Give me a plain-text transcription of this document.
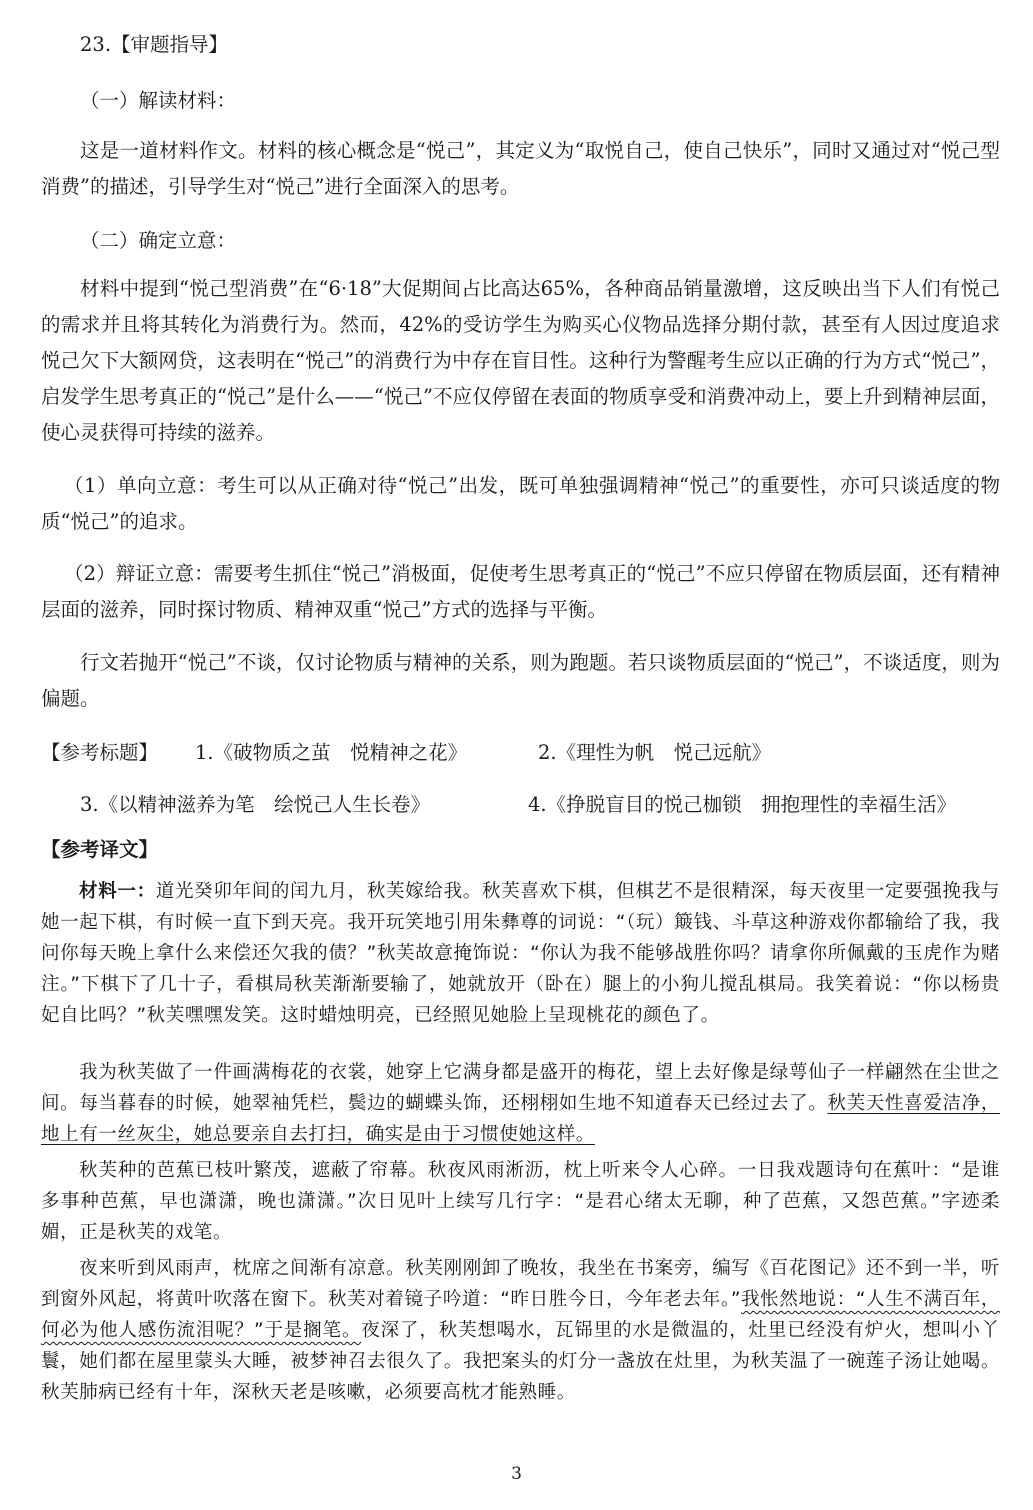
23.【审题指导】
（一）解读材料：
这是一道材料作文。材料的核心概念是“悦己”，其定义为“取悦自己，使自己快乐”，同时又通过对“悦己型消费”的描述，引导学生对“悦己”进行全面深入的思考。
（二）确定立意：
材料中提到“悦己型消费”在“6·18”大促期间占比高达65%，各种商品销量激增，这反映出当下人们有悦己的需求并且将其转化为消费行为。然而，42%的受访学生为购买心仪物品选择分期付款，甚至有人因过度追求悦己欠下大额网贷，这表明在“悦己”的消费行为中存在盲目性。这种行为警醒考生应以正确的行为方式“悦己”，启发学生思考真正的“悦己”是什么——“悦己”不应仅停留在表面的物质享受和消费冲动上，要上升到精神层面，使心灵获得可持续的滋养。
（1）单向立意：考生可以从正确对待“悦己”出发，既可单独强调精神“悦己”的重要性，亦可只谈适度的物质“悦己”的追求。
（2）辩证立意：需要考生抓住“悦己”消极面，促使考生思考真正的“悦己”不应只停留在物质层面，还有精神层面的滋养，同时探讨物质、精神双重“悦己”方式的选择与平衡。
行文若抛开“悦己”不谈，仅讨论物质与精神的关系，则为跑题。若只谈物质层面的“悦己”，不谈适度，则为偏题。
【参考标题】 1.《破物质之茧　悦精神之花》	2.《理性为帆　悦己远航》
3.《以精神滋养为笔　绘悦己人生长卷》	4.《挣脱盲目的悦己枷锁　拥抱理性的幸福生活》
【参考译文】
材料一：道光癸卯年间的闰九月，秋芙嫁给我。秋芙喜欢下棋，但棋艺不是很精深，每天夜里一定要强挽我与她一起下棋，有时候一直下到天亮。我开玩笑地引用朱彝尊的词说：“（玩）簸钱、斗草这种游戏你都输给了我，我问你每天晚上拿什么来偿还欠我的债？”秋芙故意掩饰说：“你认为我不能够战胜你吗？请拿你所佩戴的玉虎作为赌注。”下棋下了几十子，看棋局秋芙渐渐要输了，她就放开（卧在）腿上的小狗儿搅乱棋局。我笑着说：“你以杨贵妃自比吗？”秋芙嘿嘿发笑。这时蜡烛明亮，已经照见她脸上呈现桃花的颜色了。
我为秋芙做了一件画满梅花的衣裳，她穿上它满身都是盛开的梅花，望上去好像是绿萼仙子一样翩然在尘世之间。每当暮春的时候，她翠袖凭栏，鬓边的蝴蝶头饰，还栩栩如生地不知道春天已经过去了。秋芙天性喜爱洁净，地上有一丝灰尘，她总要亲自去打扫，确实是由于习惯使她这样。
秋芙种的芭蕉已枝叶繁茂，遮蔽了帘幕。秋夜风雨淅沥，枕上听来令人心碎。一日我戏题诗句在蕉叶：“是谁多事种芭蕉，早也潇潇，晚也潇潇。”次日见叶上续写几行字：“是君心绪太无聊，种了芭蕉，又怨芭蕉。”字迹柔媚，正是秋芙的戏笔。
夜来听到风雨声，枕席之间渐有凉意。秋芙刚刚卸了晚妆，我坐在书案旁，编写《百花图记》还不到一半，听到窗外风起，将黄叶吹落在窗下。秋芙对着镜子吟道：“昨日胜今日，今年老去年。”我怅然地说：“人生不满百年，何必为他人感伤流泪呢？”于是搁笔。夜深了，秋芙想喝水，瓦铞里的水是微温的，灶里已经没有炉火，想叫小丫鬟，她们都在屋里蒙头大睡，被梦神召去很久了。我把案头的灯分一盏放在灶里，为秋芙温了一碗莲子汤让她喝。秋芙肺病已经有十年，深秋天老是咳嗽，必须要高枕才能熟睡。
3
